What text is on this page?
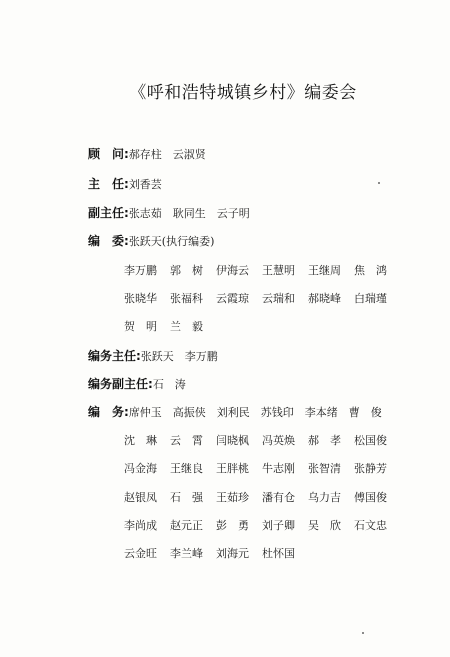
《呼和浩特城镇乡村》编委会
顾　问: 郝存柱　云淑贤
主　任: 刘香芸
副主任: 张志茹　耿同生　云子明
编　委: 张跃天(执行编委)
李万鹏	郭　树	伊海云	王慧明	王继周	焦　鸿
张晓华	张福科	云霞琼	云瑞和	郝晓峰	白瑞瑾
贺　明	兰　毅
编务主任: 张跃天　李万鹏
编务副主任: 石　涛
编　务: 席仲玉　高振侠　刘利民　苏钱印　李本绪　曹　俊
沈　琳	云　霄	闫晓枫	冯英焕	郝　孝	松国俊
冯金海	王继良	王胖桃	牛志刚	张智清	张静芳
赵银凤	石　强	王茹珍	潘有仓	乌力吉	傅国俊
李尚成	赵元正	彭　勇	刘子卿	吴　欣	石文忠
云金旺	李兰峰	刘海元	杜怀国
